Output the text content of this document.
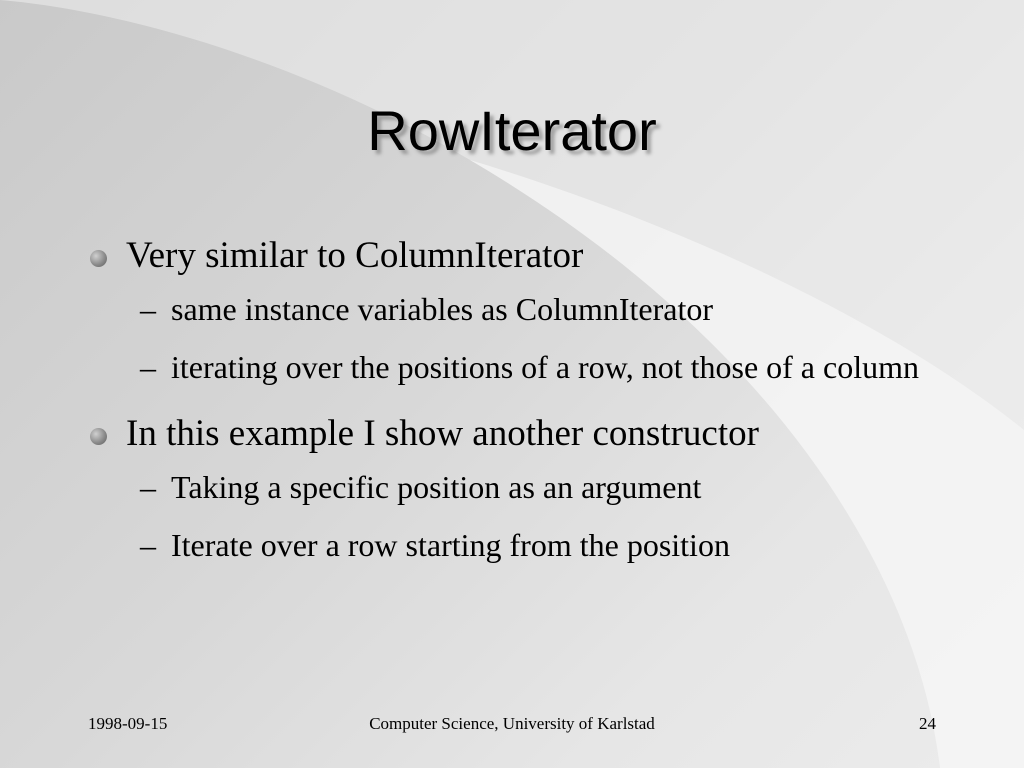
RowIterator
Very similar to ColumnIterator
– same instance variables as ColumnIterator
– iterating over the positions of a row, not those of a column
In this example I show another constructor
– Taking a specific position as an argument
– Iterate over a row starting from the position
1998-09-15	Computer Science, University of Karlstad	24
